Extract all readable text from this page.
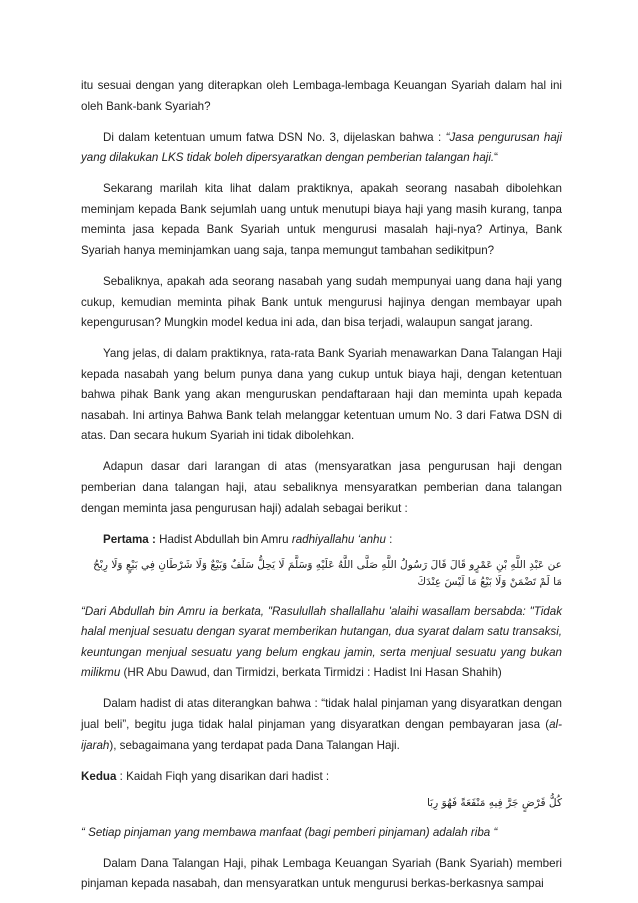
itu sesuai dengan yang diterapkan oleh Lembaga-lembaga Keuangan Syariah dalam hal ini oleh Bank-bank Syariah?

Di dalam ketentuan umum fatwa DSN No. 3, dijelaskan bahwa : “Jasa pengurusan haji yang dilakukan LKS tidak boleh dipersyaratkan dengan pemberian talangan haji.“

Sekarang marilah kita lihat dalam praktiknya, apakah seorang nasabah dibolehkan meminjam kepada Bank sejumlah uang untuk menutupi biaya haji yang masih kurang, tanpa meminta jasa kepada Bank Syariah untuk mengurusi masalah haji-nya? Artinya, Bank Syariah hanya meminjamkan uang saja, tanpa memungut tambahan sedikitpun?

Sebaliknya, apakah ada seorang nasabah yang sudah mempunyai uang dana haji yang cukup, kemudian meminta pihak Bank untuk mengurusi hajinya dengan membayar upah kepengurusan? Mungkin model kedua ini ada, dan bisa terjadi, walaupun sangat jarang.

Yang jelas, di dalam praktiknya, rata-rata Bank Syariah menawarkan Dana Talangan Haji kepada nasabah yang belum punya dana yang cukup untuk biaya haji, dengan ketentuan bahwa pihak Bank yang akan menguruskan pendaftaraan haji dan meminta upah kepada nasabah. Ini artinya Bahwa Bank telah melanggar ketentuan umum No. 3 dari Fatwa DSN di atas. Dan secara hukum Syariah ini tidak dibolehkan.

Adapun dasar dari larangan di atas (mensyaratkan jasa pengurusan haji dengan pemberian dana talangan haji, atau sebaliknya mensyaratkan pemberian dana talangan dengan meminta jasa pengurusan haji) adalah sebagai berikut :

Pertama : Hadist Abdullah bin Amru radhiyallahu ‘anhu :

عن عَبْدِ اللَّهِ بْنِ عَمْرٍو قَالَ قَالَ رَسُولُ اللَّهِ صَلَّى اللَّهُ عَلَيْهِ وَسَلَّمَ لَا يَحِلُّ سَلَفٌ وَبَيْعٌ وَلَا شَرْطَانِ فِي بَيْعٍ وَلَا رِبْحُ مَا لَمْ تَضْمَنْ وَلَا بَيْعُ مَا لَيْسَ عِنْدَكَ

“Dari Abdullah bin Amru ia berkata, "Rasulullah shallallahu 'alaihi wasallam bersabda: "Tidak halal menjual sesuatu dengan syarat memberikan hutangan, dua syarat dalam satu transaksi, keuntungan menjual sesuatu yang belum engkau jamin, serta menjual sesuatu yang bukan milikmu (HR Abu Dawud, dan Tirmidzi, berkata Tirmidzi : Hadist Ini Hasan Shahih)

Dalam hadist di atas diterangkan bahwa : “tidak halal pinjaman yang disyaratkan dengan jual beli”, begitu juga tidak halal pinjaman yang disyaratkan dengan pembayaran jasa (al-ijarah), sebagaimana yang terdapat pada Dana Talangan Haji.

Kedua : Kaidah Fiqh yang disarikan dari hadist :

كُلُّ قَرْضٍ جَرَّ فِيهِ مَنْفَعَةً فَهُوَ رِبَا

“ Setiap pinjaman yang membawa manfaat (bagi pemberi pinjaman) adalah riba “

Dalam Dana Talangan Haji, pihak Lembaga Keuangan Syariah (Bank Syariah) memberi pinjaman kepada nasabah, dan mensyaratkan untuk mengurusi berkas-berkasnya sampai
